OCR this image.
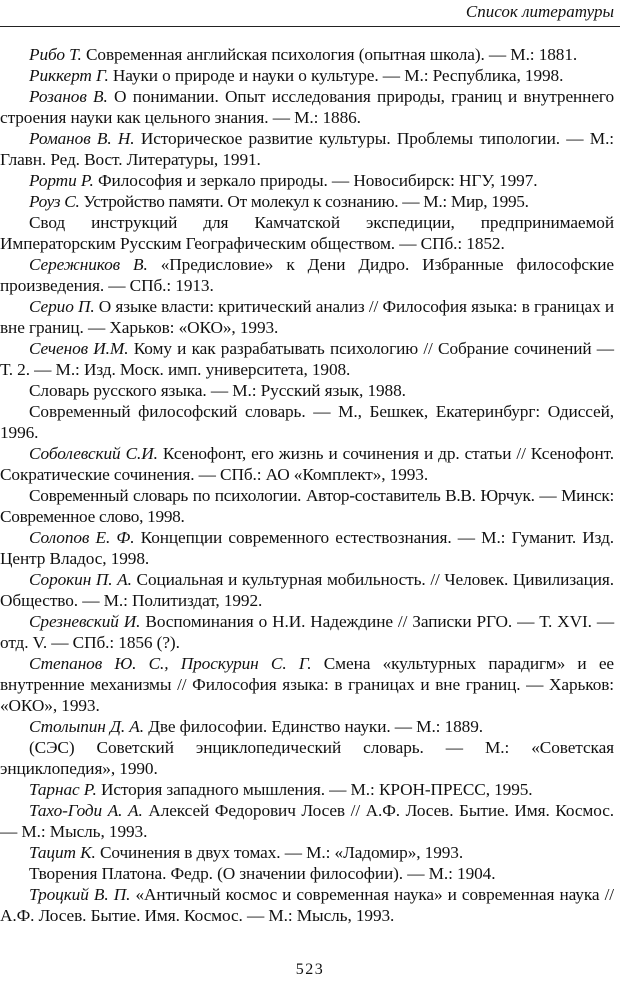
Список литературы

Рибо Т. Современная английская психология (опытная школа). — М.: 1881.

Риккерт Г. Науки о природе и науки о культуре. — М.: Республика, 1998.

Розанов В. О понимании. Опыт исследования природы, границ и внутреннего строения науки как цельного знания. — М.: 1886.

Романов В. Н. Историческое развитие культуры. Проблемы типологии. — М.: Главн. Ред. Вост. Литературы, 1991.

Рорти Р. Философия и зеркало природы. — Новосибирск: НГУ, 1997.

Роуз С. Устройство памяти. От молекул к сознанию. — М.: Мир, 1995.

Свод инструкций для Камчатской экспедиции, предпринимаемой Императорским Русским Географическим обществом. — СПб.: 1852.

Сережников В. «Предисловие» к Дени Дидро. Избранные философские произведения. — СПб.: 1913.

Серио П. О языке власти: критический анализ // Философия языка: в границах и вне границ. — Харьков: «ОКО», 1993.

Сеченов И.М. Кому и как разрабатывать психологию // Собрание сочинений — Т. 2. — М.: Изд. Моск. имп. университета, 1908.

Словарь русского языка. — М.: Русский язык, 1988.

Современный философский словарь. — М., Бешкек, Екатеринбург: Одиссей, 1996.

Соболевский С.И. Ксенофонт, его жизнь и сочинения и др. статьи // Ксенофонт. Сократические сочинения. — СПб.: АО «Комплект», 1993.

Современный словарь по психологии. Автор-составитель В.В. Юрчук. — Минск: Современное слово, 1998.

Солопов Е. Ф. Концепции современного естествознания. — М.: Гуманит. Изд. Центр Владос, 1998.

Сорокин П. А. Социальная и культурная мобильность. // Человек. Цивилизация. Общество. — М.: Политиздат, 1992.

Срезневский И. Воспоминания о Н.И. Надеждине // Записки РГО. — Т. XVI. — отд. V. — СПб.: 1856 (?).

Степанов Ю. С., Проскурин С. Г. Смена «культурных парадигм» и ее внутренние механизмы // Философия языка: в границах и вне границ. — Харьков: «ОКО», 1993.

Столыпин Д. А. Две философии. Единство науки. — М.: 1889.

(СЭС) Советский энциклопедический словарь. — М.: «Советская энциклопедия», 1990.

Тарнас Р. История западного мышления. — М.: КРОН-ПРЕСС, 1995.

Тахо-Годи А. А. Алексей Федорович Лосев // А.Ф. Лосев. Бытие. Имя. Космос. — М.: Мысль, 1993.

Тацит К. Сочинения в двух томах. — М.: «Ладомир», 1993.

Творения Платона. Федр. (О значении философии). — М.: 1904.

Троцкий В. П. «Античный космос и современная наука» и современная наука // А.Ф. Лосев. Бытие. Имя. Космос. — М.: Мысль, 1993.

523
